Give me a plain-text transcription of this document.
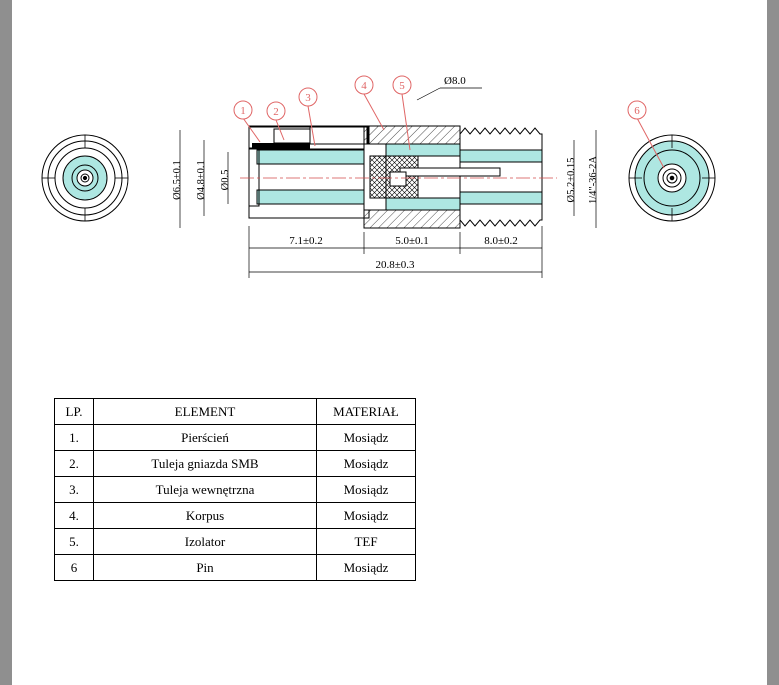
1	2
3
4	5
6
Ø8.0
Ø6.5±0.1 Ø4.8±0.1 Ø0.5	Ø5.2±0.15 1/4"-36-2A
7.1±0.2	5.0±0.1	8.0±0.2
20.8±0.3
LP.	ELEMENT	MATERIAŁ
1.	Pierścień	Mosiądz
2.	Tuleja gniazda SMB	Mosiądz
3.	Tuleja wewnętrzna	Mosiądz
4.	Korpus	Mosiądz
5.	Izolator	TEF
6	Pin	Mosiądz
